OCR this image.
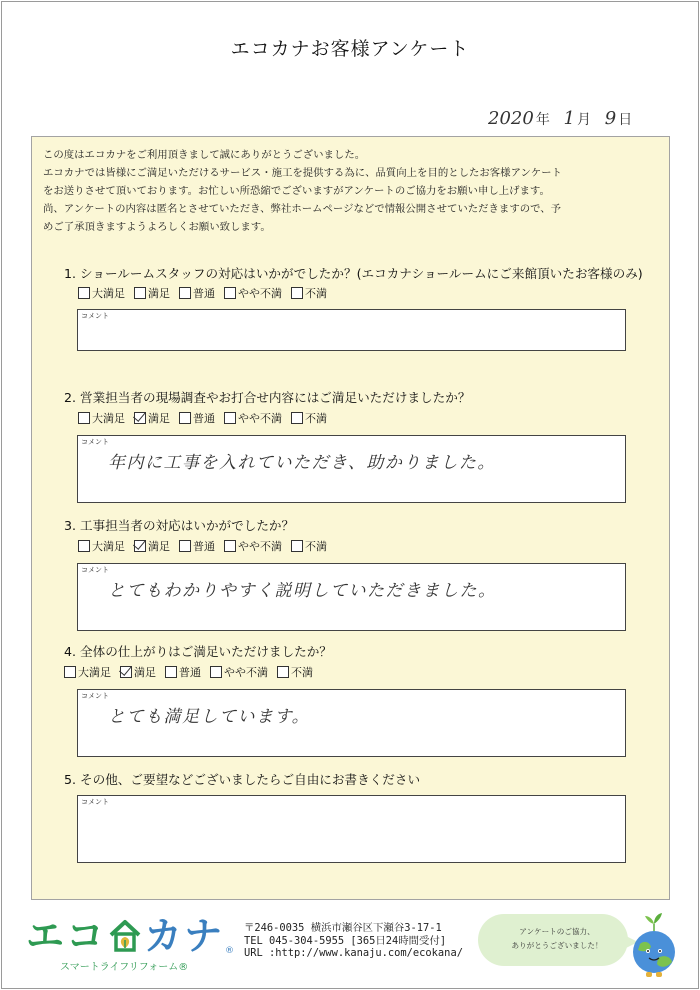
エコカナお客様アンケート
2020 年 1 月 9 日

この度はエコカナをご利用頂きまして誠にありがとうございました。

エコカナでは皆様にご満足いただけるサービス・施工を提供する為に、品質向上を目的としたお客様アンケート

をお送りさせて頂いております。お忙しい所恐縮でございますがアンケートのご協力をお願い申し上げます。

尚、アンケートの内容は匿名とさせていただき、弊社ホームページなどで情報公開させていただきますので、予

めご了承頂きますようよろしくお願い致します。

1. ショールームスタッフの対応はいかがでしたか？(エコカナショールームにご来館頂いたお客様のみ)
大満足 満足 普通 やや不満 不満
コメント
2. 営業担当者の現場調査やお打合せ内容にはご満足いただけましたか？
大満足 満足 普通 やや不満 不満
コメント
年内に工事を入れていただき、助かりました。
3. 工事担当者の対応はいかがでしたか？
大満足 満足 普通 やや不満 不満
コメント
とてもわかりやすく説明していただきました。
4. 全体の仕上がりはご満足いただけましたか？
大満足 満足 普通 やや不満 不満
コメント
とても満足しています。
5. その他、ご要望などございましたらご自由にお書きください
コメント
エコ カナ ®
スマートライフリフォーム®
〒246-0035 横浜市瀬谷区下瀬谷3-17-1
TEL 045-304-5955 [365日24時間受付]
URL :http://www.kanaju.com/ecokana/
アンケートのご協力、
ありがとうございました！
